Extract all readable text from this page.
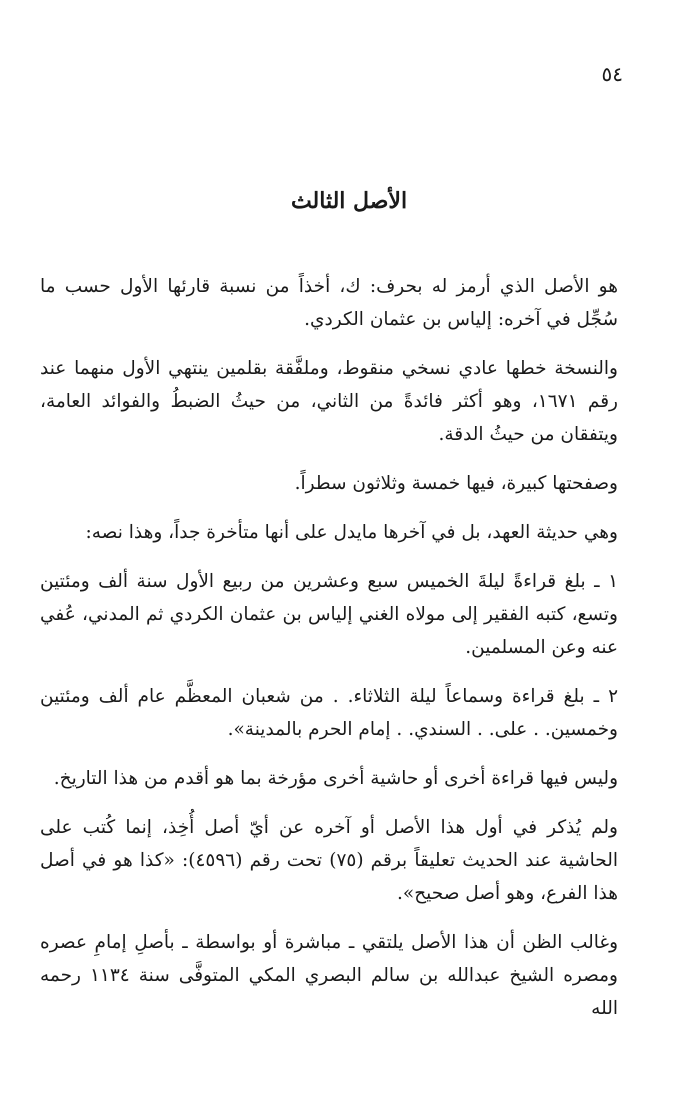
٥٤
الأصل الثالث

هو الأصل الذي أرمز له بحرف: ك، أخذاً من نسبة قارئها الأول حسب ما سُجِّل في آخره: إلياس بن عثمان الكردي.

والنسخة خطها عادي نسخي منقوط، وملفَّقة بقلمين ينتهي الأول منهما عند رقم ١٦٧١، وهو أكثر فائدةً من الثاني، من حيثُ الضبطُ والفوائد العامة، ويتفقان من حيثُ الدقة.

وصفحتها كبيرة، فيها خمسة وثلاثون سطراً.

وهي حديثة العهد، بل في آخرها مايدل على أنها متأخرة جداً، وهذا نصه:

١ ـ بلغ قراءةً ليلةَ الخميس سبع وعشرين من ربيع الأول سنة ألف ومئتين وتسع، كتبه الفقير إلى مولاه الغني إلياس بن عثمان الكردي ثم المدني، عُفي عنه وعن المسلمين.

٢ ـ بلغ قراءة وسماعاً ليلة الثلاثاء. . من شعبان المعظَّم عام ألف ومئتين وخمسين. . على. . السندي. . إمام الحرم بالمدينة».

وليس فيها قراءة أخرى أو حاشية أخرى مؤرخة بما هو أقدم من هذا التاريخ.

ولم يُذكر في أول هذا الأصل أو آخره عن أيّ أصل أُخِذ، إنما كُتب على الحاشية عند الحديث تعليقاً برقم (٧٥) تحت رقم (٤٥٩٦): «كذا هو في أصل هذا الفرع، وهو أصل صحيح».

وغالب الظن أن هذا الأصل يلتقي ـ مباشرة أو بواسطة ـ بأصلِ إمامِ عصره ومصره الشيخ عبدالله بن سالم البصري المكي المتوفَّى سنة ١١٣٤ رحمه الله
